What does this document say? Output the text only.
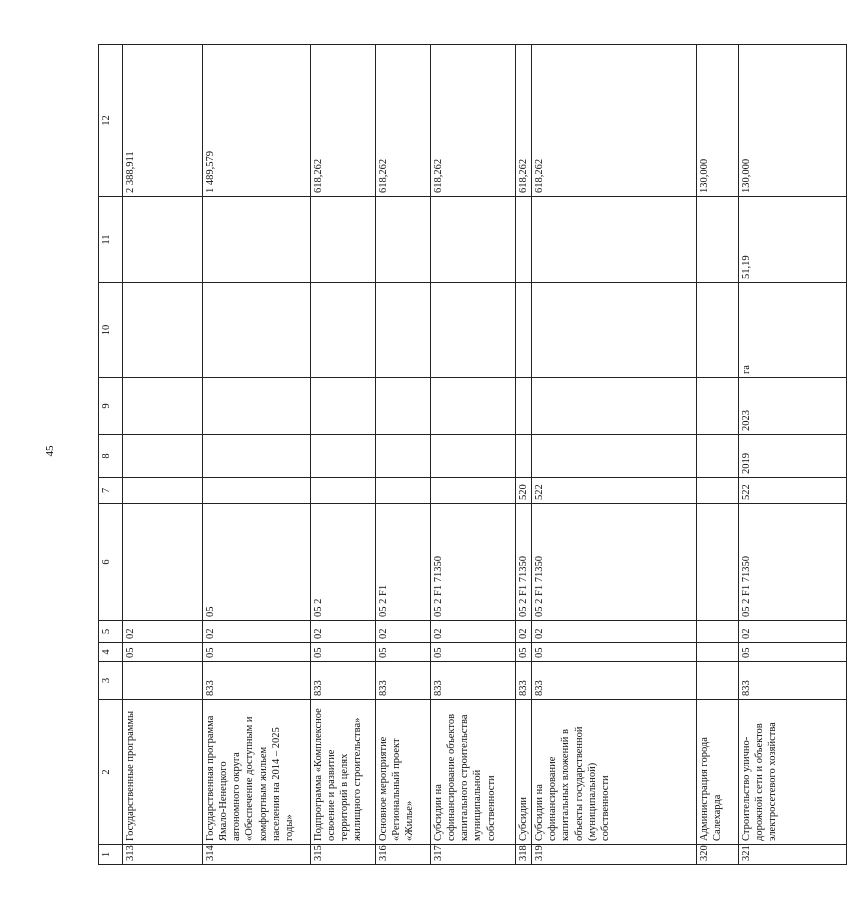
45
1	2	3	4	5	6	7	8	9	10	11	12
313	Государственные программы		05	02							2 388,911
314	Государственная программа Ямало-Ненецкого автономного округа «Обеспечение доступным и комфортным жильем населения на 2014 – 2025 годы»	833	05	02	05						1 489,579
315	Подпрограмма «Комплексное освоение и развитие территорий в целях жилищного строительства»	833	05	02	05 2						618,262
316	Основное мероприятие «Региональный проект «Жилье»	833	05	02	05 2 F1						618,262
317	Субсидии на софинансирование объектов капитального строительства муниципальной собственности	833	05	02	05 2 F1 71350						618,262
318	Субсидии	833	05	02	05 2 F1 71350	520					618,262
319	Субсидии на софинансирование капитальных вложений в объекты государственной (муниципальной) собственности	833	05	02	05 2 F1 71350	522					618,262
320	Администрация города Салехарда										130,000
321	Строительство улично-дорожной сети и объектов электросетевого хозяйства	833	05	02	05 2 F1 71350	522	2019	2023	га	51,19	130,000
